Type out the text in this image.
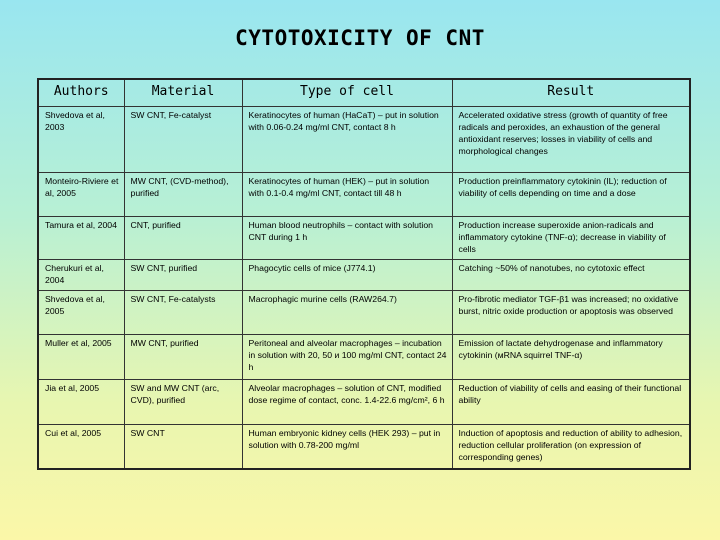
CYTOTOXICITY OF CNT
Authors	Material	Type of cell	Result
Shvedova et al, 2003	SW CNT, Fe-catalyst	Keratinocytes of human (HaCaT) – put in solution with 0.06-0.24 mg/ml CNT, contact 8 h	Accelerated oxidative stress (growth of quantity of free radicals and peroxides, an exhaustion of the general antioxidant reserves; losses in viability of cells and morphological changes
Monteiro-Riviere et al, 2005	MW CNT, (CVD-method), purified	Keratinocytes of human (HEK) – put in solution with 0.1-0.4 mg/ml CNT, contact till 48 h	Production preinflammatory cytokinin (IL); reduction of viability of cells depending on time and a dose
Tamura et al, 2004	CNT, purified	Human blood neutrophils – contact with solution CNT during 1 h	Production increase superoxide anion-radicals and inflammatory cytokine (TNF-α); decrease in viability of cells
Cherukuri et al, 2004	SW CNT, purified	Phagocytic cells of mice (J774.1)	Catching ~50% of nanotubes, no cytotoxic effect
Shvedova et al, 2005	SW CNT, Fe-catalysts	Macrophagic murine cells (RAW264.7)	Pro-fibrotic mediator TGF-β1 was increased; no oxidative burst, nitric oxide production or apoptosis was observed
Muller et al, 2005	MW CNT, purified	Peritoneal and alveolar macrophages – incubation in solution with 20, 50 и 100 mg/ml CNT, contact 24 h	Emission of lactate dehydrogenase and inflammatory cytokinin (мRNA squirrel TNF-α)
Jia et al, 2005	SW and MW CNT (arc, CVD), purified	Alveolar macrophages – solution of CNT, modified dose regime of contact, conc. 1.4-22.6 mg/cm², 6 h	Reduction of viability of cells and easing of their functional ability
Cui et al, 2005	SW CNT	Human embryonic kidney cells (HEK 293) – put in solution with 0.78-200 mg/ml	Induction of apoptosis and reduction of ability to adhesion, reduction cellular proliferation (on expression of corresponding genes)
